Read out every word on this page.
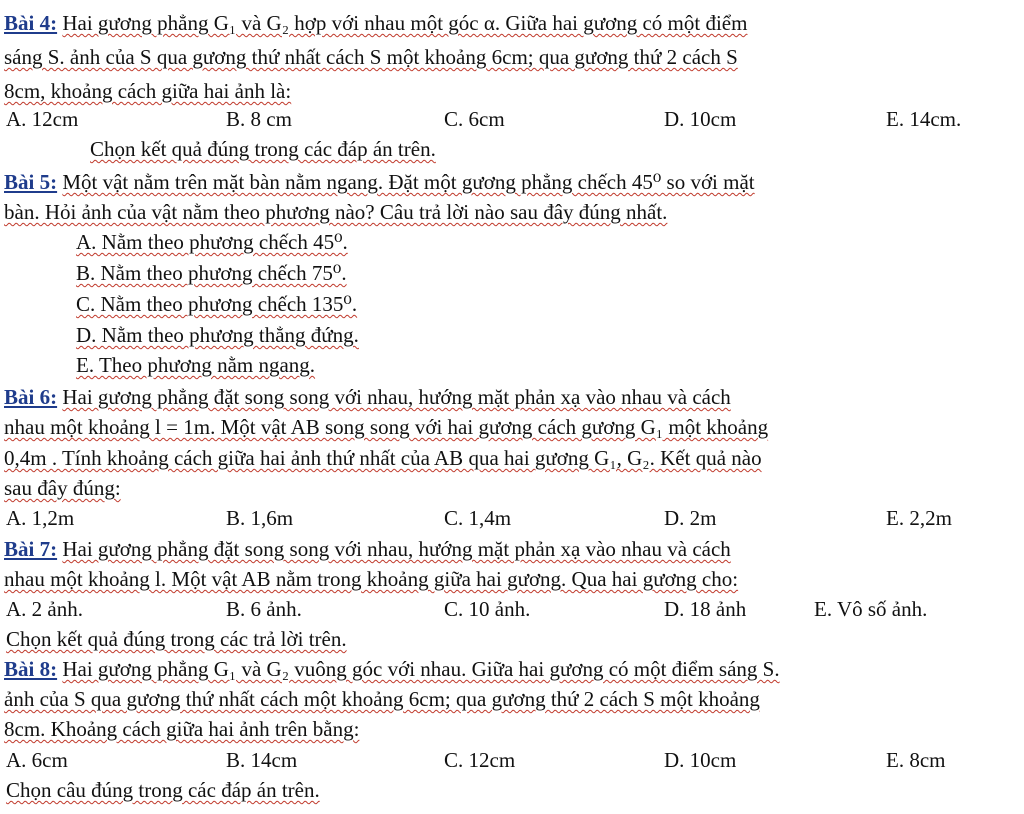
Bài 4: Hai gương phẳng G₁ và G₂ hợp với nhau một góc α. Giữa hai gương có một điểm
sáng S. ảnh của S qua gương thứ nhất cách S một khoảng 6cm; qua gương thứ 2 cách S
8cm, khoảng cách giữa hai ảnh là:
A. 12cm	B. 8 cm	C. 6cm	D. 10cm	E. 14cm.
Chọn kết quả đúng trong các đáp án trên.
Bài 5: Một vật nằm trên mặt bàn nằm ngang. Đặt một gương phẳng chếch 45⁰ so với mặt
bàn. Hỏi ảnh của vật nằm theo phương nào? Câu trả lời nào sau đây đúng nhất.
A. Nằm theo phương chếch 45⁰.
B. Nằm theo phương chếch 75⁰.
C. Nằm theo phương chếch 135⁰.
D. Nằm theo phương thẳng đứng.
E. Theo phương nằm ngang.
Bài 6: Hai gương phẳng đặt song song với nhau, hướng mặt phản xạ vào nhau và cách
nhau một khoảng l = 1m. Một vật AB song song với hai gương cách gương G₁ một khoảng
0,4m . Tính khoảng cách giữa hai ảnh thứ nhất của AB qua hai gương G₁, G₂. Kết quả nào
sau đây đúng:
A. 1,2m	B. 1,6m	C. 1,4m	D. 2m	E. 2,2m
Bài 7: Hai gương phẳng đặt song song với nhau, hướng mặt phản xạ vào nhau và cách
nhau một khoảng l. Một vật AB nằm trong khoảng giữa hai gương. Qua hai gương cho:
A. 2 ảnh.	B. 6 ảnh.	C. 10 ảnh.	D. 18 ảnh	E. Vô số ảnh.
Chọn kết quả đúng trong các trả lời trên.
Bài 8: Hai gương phẳng G₁ và G₂ vuông góc với nhau. Giữa hai gương có một điểm sáng S.
ảnh của S qua gương thứ nhất cách một khoảng 6cm; qua gương thứ 2 cách S một khoảng
8cm. Khoảng cách giữa hai ảnh trên bằng:
A. 6cm	B. 14cm	C. 12cm	D. 10cm	E. 8cm
Chọn câu đúng trong các đáp án trên.
